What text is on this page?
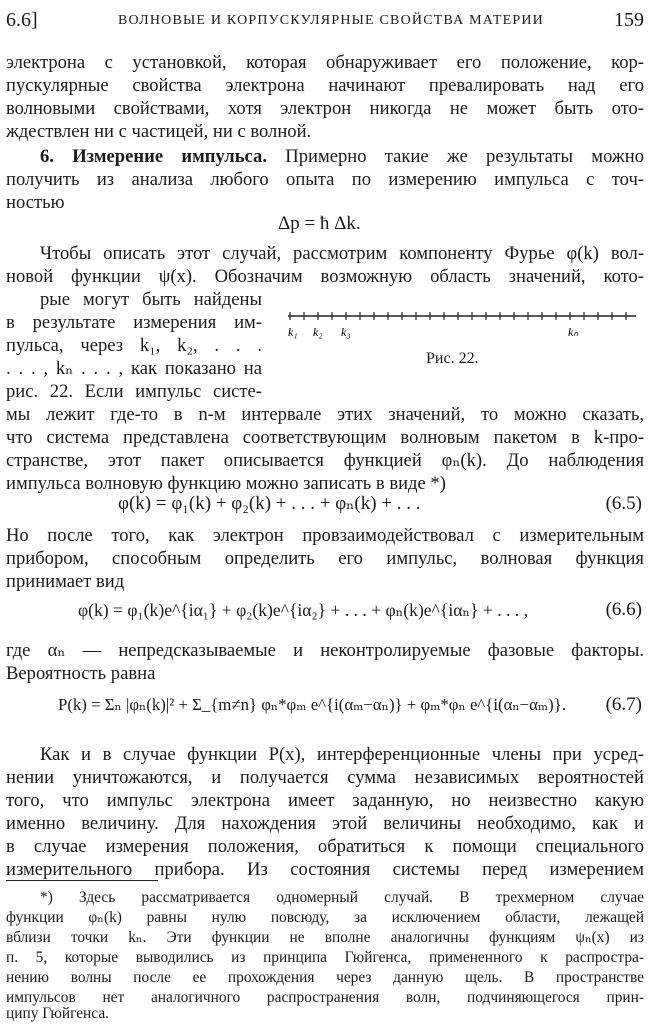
6.6]	ВОЛНОВЫЕ И КОРПУСКУЛЯРНЫЕ СВОЙСТВА МАТЕРИИ	159
электрона с установкой, которая обнаруживает его положение, кор-
пускулярные свойства электрона начинают превалировать над его
волновыми свойствами, хотя электрон никогда не может быть ото-
ждествлен ни с частицей, ни с волной.
6. Измерение импульса. Примерно такие же результаты можно
получить из анализа любого опыта по измерению импульса с точ-
ностью
Δp = ħ Δk.
Чтобы описать этот случай, рассмотрим компоненту Фурье φ(k) вол-
новой функции ψ(x). Обозначим возможную область значений, кото-
рые могут быть найдены
в результате измерения им-
пульса, через k₁, k₂, . . .
. . . , kₙ . . . , как показано на
рис. 22. Если импульс систе-
k₁ k₂ k₃	kₙ
Рис. 22.
мы лежит где-то в n-м интервале этих значений, то можно сказать,
что система представлена соответствующим волновым пакетом в k-про-
странстве, этот пакет описывается функцией φₙ(k). До наблюдения
импульса волновую функцию можно записать в виде *)
φ(k) = φ₁(k) + φ₂(k) + . . . + φₙ(k) + . . .	(6.5)
Но после того, как электрон провзаимодействовал с измерительным
прибором, способным определить его импульс, волновая функция
принимает вид
φ(k) = φ₁(k)e^{iα₁} + φ₂(k)e^{iα₂} + . . . + φₙ(k)e^{iαₙ} + . . . ,	(6.6)
где αₙ — непредсказываемые и неконтролируемые фазовые факторы.
Вероятность равна
P(k) = Σₙ |φₙ(k)|² + Σ_{m≠n} φₙ*φₘ e^{i(αₘ−αₙ)} + φₘ*φₙ e^{i(αₙ−αₘ)}. (6.7)
Как и в случае функции P(x), интерференционные члены при усред-
нении уничтожаются, и получается сумма независимых вероятностей
того, что импульс электрона имеет заданную, но неизвестно какую
именно величину. Для нахождения этой величины необходимо, как и
в случае измерения положения, обратиться к помощи специального
измерительного прибора. Из состояния системы перед измерением
*) Здесь рассматривается одномерный случай. В трехмерном случае
функции φₙ(k) равны нулю повсюду, за исключением области, лежащей
вблизи точки kₙ. Эти функции не вполне аналогичны функциям ψₙ(x) из
п. 5, которые выводились из принципа Гюйгенса, примененного к распростра-
нению волны после ее прохождения через данную щель. В пространстве
импульсов нет аналогичного распространения волн, подчиняющегося прин-
ципу Гюйгенса.
